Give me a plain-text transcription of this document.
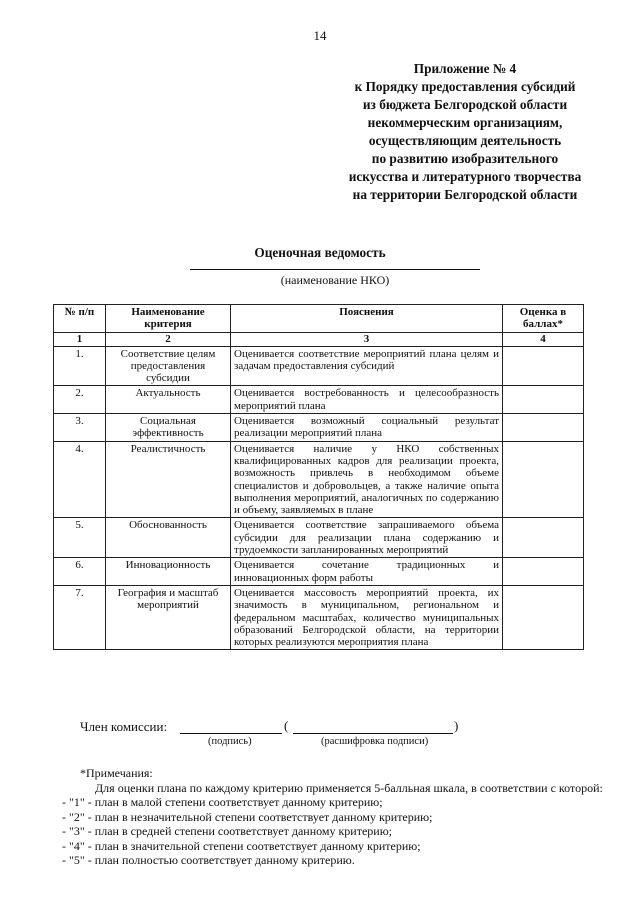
14
Приложение № 4
к Порядку предоставления субсидий
из бюджета Белгородской области
некоммерческим организациям,
осуществляющим деятельность
по развитию изобразительного
искусства и литературного творчества
на территории Белгородской области
Оценочная ведомость
(наименование НКО)
№ п/п	Наименование критерия	Пояснения	Оценка в баллах*
1	2	3	4
1.	Соответствие целям предоставления субсидии	Оценивается соответствие мероприятий плана целям и задачам предоставления субсидий	
2.	Актуальность	Оценивается востребованность и целесообразность мероприятий плана	
3.	Социальная эффективность	Оценивается возможный социальный результат реализации мероприятий плана	
4.	Реалистичность	Оценивается наличие у НКО собственных квалифицированных кадров для реализации проекта, возможность привлечь в необходимом объеме специалистов и добровольцев, а также наличие опыта выполнения мероприятий, аналогичных по содержанию и объему, заявляемых в плане	
5.	Обоснованность	Оценивается соответствие запрашиваемого объема субсидии для реализации плана содержанию и трудоемкости запланированных мероприятий	
6.	Инновационность	Оценивается сочетание традиционных и инновационных форм работы	
7.	География и масштаб мероприятий	Оценивается массовость мероприятий проекта, их значимость в муниципальном, региональном и федеральном масштабах, количество муниципальных образований Белгородской области, на территории которых реализуются мероприятия плана	
Член комиссии:	(	)
(подпись)	(расшифровка подписи)
*Примечания:
Для оценки плана по каждому критерию применяется 5-балльная шкала, в соответствии с которой:
- "1" - план в малой степени соответствует данному критерию;
- "2" - план в незначительной степени соответствует данному критерию;
- "3" - план в средней степени соответствует данному критерию;
- "4" - план в значительной степени соответствует данному критерию;
- "5" - план полностью соответствует данному критерию.
